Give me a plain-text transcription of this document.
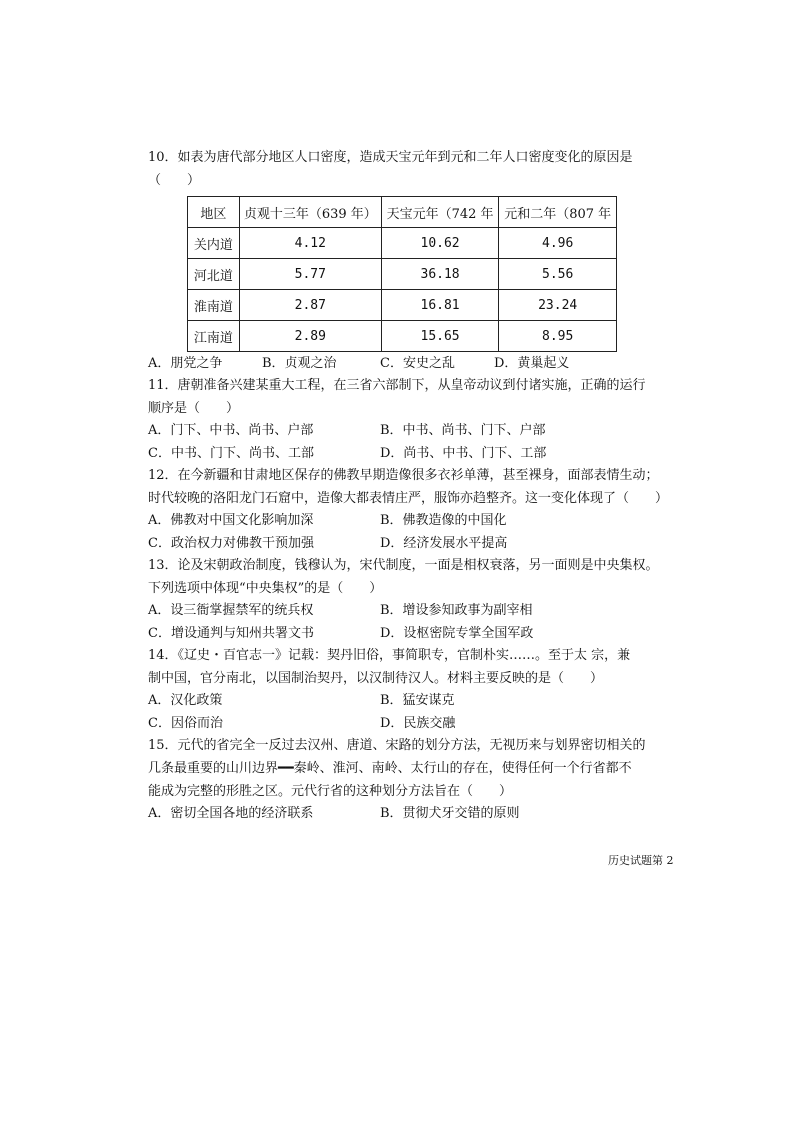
10．如表为唐代部分地区人口密度，造成天宝元年到元和二年人口密度变化的原因是
（　　）
地区	贞观十三年（639 年）	天宝元年（742 年	元和二年（807 年
关内道	4.12	10.62	4.96
河北道	5.77	36.18	5.56
淮南道	2.87	16.81	23.24
江南道	2.89	15.65	8.95
A．朋党之争	B．贞观之治	C．安史之乱	D．黄巢起义
11．唐朝准备兴建某重大工程，在三省六部制下，从皇帝动议到付诸实施，正确的运行
顺序是（　　）
A．门下、中书、尚书、户部	B．中书、尚书、门下、户部
C．中书、门下、尚书、工部	D．尚书、中书、门下、工部
12．在今新疆和甘肃地区保存的佛教早期造像很多衣衫单薄，甚至裸身，面部表情生动；
时代较晚的洛阳龙门石窟中，造像大都表情庄严，服饰亦趋整齐。这一变化体现了（　　）
A．佛教对中国文化影响加深	B．佛教造像的中国化
C．政治权力对佛教干预加强	D．经济发展水平提高
13．论及宋朝政治制度，钱穆认为，宋代制度，一面是相权衰落，另一面则是中央集权。
下列选项中体现“中央集权”的是（　　）
A．设三衙掌握禁军的统兵权	B．增设参知政事为副宰相
C．增设通判与知州共署文书	D．设枢密院专掌全国军政
14．《辽史・百官志一》记载：契丹旧俗，事简职专，官制朴实……。至于太 宗，兼
制中国，官分南北，以国制治契丹，以汉制待汉人。材料主要反映的是（　　）
A．汉化政策	B．猛安谋克
C．因俗而治	D．民族交融
15．元代的省完全一反过去汉州、唐道、宋路的划分方法，无视历来与划界密切相关的
几条最重要的山川边界━━秦岭、淮河、南岭、太行山的存在，使得任何一个行省都不
能成为完整的形胜之区。元代行省的这种划分方法旨在（　　）
A．密切全国各地的经济联系	B．贯彻犬牙交错的原则
历史试题第 2
